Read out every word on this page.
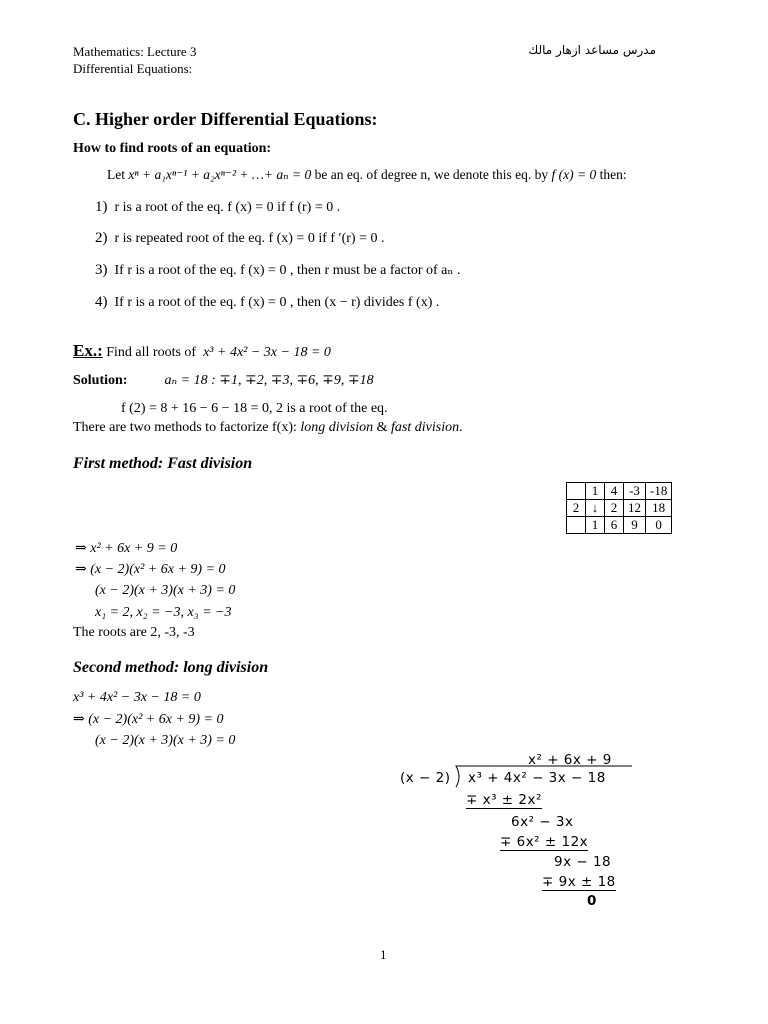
Mathematics: Lecture 3
Differential Equations:
مدرس مساعد ازهار مالك
C. Higher order Differential Equations:
How to find roots of an equation:
Let xⁿ + a₁xⁿ⁻¹ + a₂xⁿ⁻² + …+ aₙ = 0 be an eq. of degree n, we denote this eq. by f (x) = 0 then:
1) r is a root of the eq. f (x) = 0 if f (r) = 0 .
2) r is repeated root of the eq. f (x) = 0 if f ′(r) = 0 .
3) If r is a root of the eq. f (x) = 0 , then r must be a factor of aₙ .
4) If r is a root of the eq. f (x) = 0 , then (x − r) divides f (x) .
Ex.: Find all roots of x³ + 4x² − 3x − 18 = 0
Solution:	aₙ = 18 : ∓1, ∓2, ∓3, ∓6, ∓9, ∓18
f (2) = 8 + 16 − 6 − 18 = 0, 2 is a root of the eq.
There are two methods to factorize f(x): long division & fast division.
First method: Fast division
	1	4	-3	-18
2	↓	2	12	18
	1	6	9	0
⇒ x² + 6x + 9 = 0
⇒ (x − 2)(x² + 6x + 9) = 0
(x − 2)(x + 3)(x + 3) = 0
x₁ = 2, x₂ = −3, x₃ = −3
The roots are 2, -3, -3
Second method: long division
x³ + 4x² − 3x − 18 = 0
⇒ (x − 2)(x² + 6x + 9) = 0
(x − 2)(x + 3)(x + 3) = 0
x² + 6x + 9
(x − 2) x³ + 4x² − 3x − 18
∓ x³ ± 2x²
6x² − 3x
∓ 6x² ± 12x
9x − 18
∓ 9x ± 18
0
1
